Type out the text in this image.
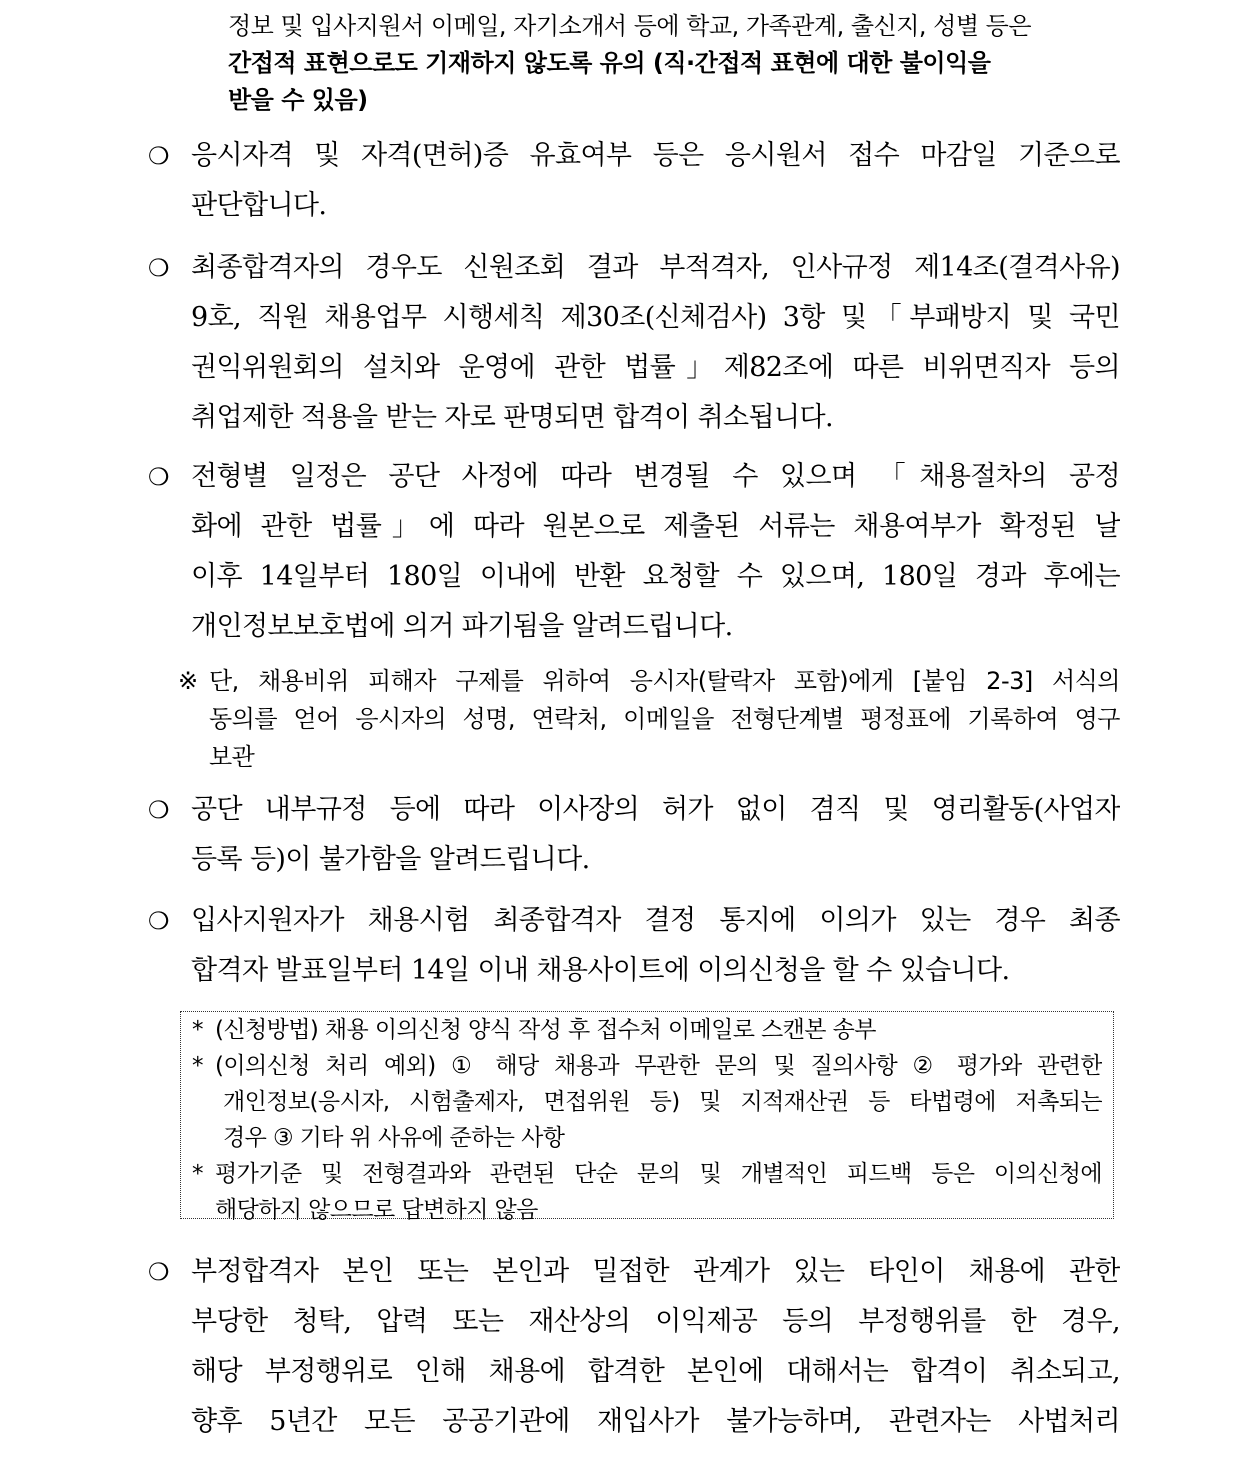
정보 및 입사지원서 이메일, 자기소개서 등에 학교, 가족관계, 출신지, 성별 등은

간접적 표현으로도 기재하지 않도록 유의 (직·간접적 표현에 대한 불이익을

받을 수 있음)

❍ 응시자격 및 자격(면허)증 유효여부 등은 응시원서 접수 마감일 기준으로
판단합니다.
❍ 최종합격자의 경우도 신원조회 결과 부적격자, 인사규정 제14조(결격사유)
9호, 직원 채용업무 시행세칙 제30조(신체검사) 3항 및「부패방지 및 국민
권익위원회의 설치와 운영에 관한 법률」제82조에 따른 비위면직자 등의
취업제한 적용을 받는 자로 판명되면 합격이 취소됩니다.
❍ 전형별 일정은 공단 사정에 따라 변경될 수 있으며 「채용절차의 공정
화에 관한 법률」에 따라 원본으로 제출된 서류는 채용여부가 확정된 날
이후 14일부터 180일 이내에 반환 요청할 수 있으며, 180일 경과 후에는
개인정보보호법에 의거 파기됨을 알려드립니다.
※ 단, 채용비위 피해자 구제를 위하여 응시자(탈락자 포함)에게 [붙임 2-3] 서식의
동의를 얻어 응시자의 성명, 연락처, 이메일을 전형단계별 평정표에 기록하여 영구
보관
❍ 공단 내부규정 등에 따라 이사장의 허가 없이 겸직 및 영리활동(사업자
등록 등)이 불가함을 알려드립니다.
❍ 입사지원자가 채용시험 최종합격자 결정 통지에 이의가 있는 경우 최종
합격자 발표일부터 14일 이내 채용사이트에 이의신청을 할 수 있습니다.
* (신청방법) 채용 이의신청 양식 작성 후 접수처 이메일로 스캔본 송부
* (이의신청 처리 예외) ① 해당 채용과 무관한 문의 및 질의사항 ② 평가와 관련한
개인정보(응시자, 시험출제자, 면접위원 등) 및 지적재산권 등 타법령에 저촉되는
경우 ③ 기타 위 사유에 준하는 사항
* 평가기준 및 전형결과와 관련된 단순 문의 및 개별적인 피드백 등은 이의신청에
해당하지 않으므로 답변하지 않음
❍ 부정합격자 본인 또는 본인과 밀접한 관계가 있는 타인이 채용에 관한
부당한 청탁, 압력 또는 재산상의 이익제공 등의 부정행위를 한 경우,
해당 부정행위로 인해 채용에 합격한 본인에 대해서는 합격이 취소되고,
향후 5년간 모든 공공기관에 재입사가 불가능하며, 관련자는 사법처리
